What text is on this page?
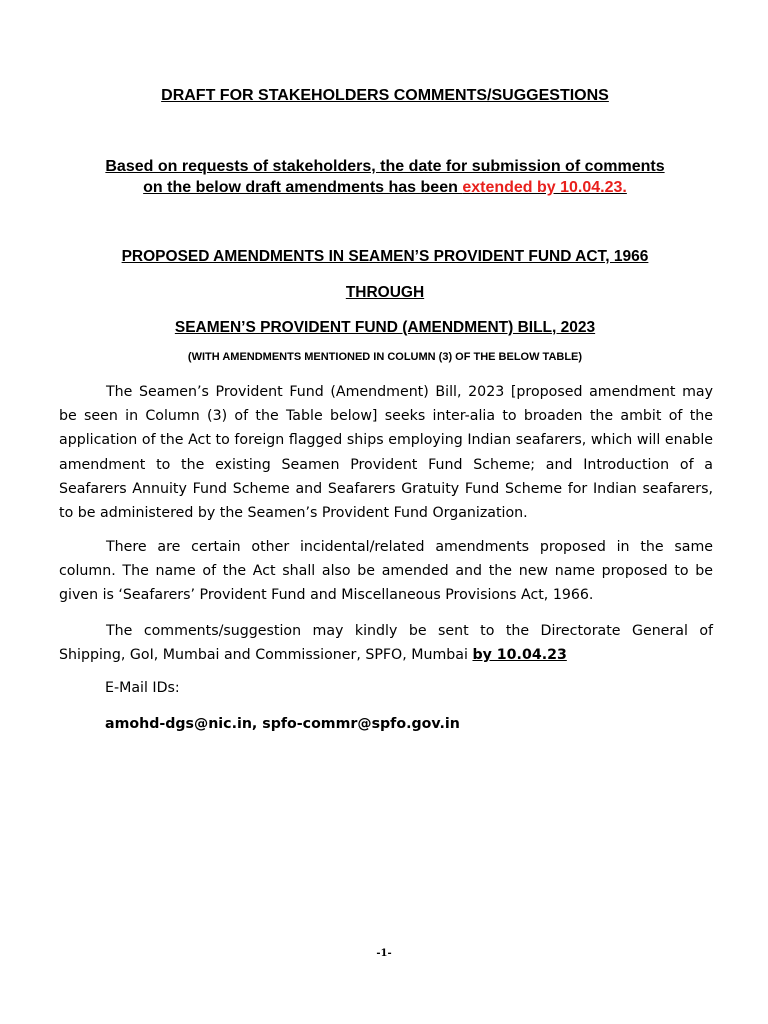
DRAFT FOR STAKEHOLDERS COMMENTS/SUGGESTIONS
Based on requests of stakeholders, the date for submission of comments
on the below draft amendments has been extended by 10.04.23.
PROPOSED AMENDMENTS IN SEAMEN’S PROVIDENT FUND ACT, 1966
THROUGH
SEAMEN’S PROVIDENT FUND (AMENDMENT) BILL, 2023
(WITH AMENDMENTS MENTIONED IN COLUMN (3) OF THE BELOW TABLE)

The Seamen’s Provident Fund (Amendment) Bill, 2023 [proposed amendment may be seen in Column (3) of the Table below] seeks inter-alia to broaden the ambit of the application of the Act to foreign flagged ships employing Indian seafarers, which will enable amendment to the existing Seamen Provident Fund Scheme; and Introduction of a Seafarers Annuity Fund Scheme and Seafarers Gratuity Fund Scheme for Indian seafarers, to be administered by the Seamen’s Provident Fund Organization.

There are certain other incidental/related amendments proposed in the same column. The name of the Act shall also be amended and the new name proposed to be given is ‘Seafarers’ Provident Fund and Miscellaneous Provisions Act, 1966.

The comments/suggestion may kindly be sent to the Directorate General of Shipping, GoI, Mumbai and Commissioner, SPFO, Mumbai by 10.04.23

E-Mail IDs:
amohd-dgs@nic.in, spfo-commr@spfo.gov.in
-1-
